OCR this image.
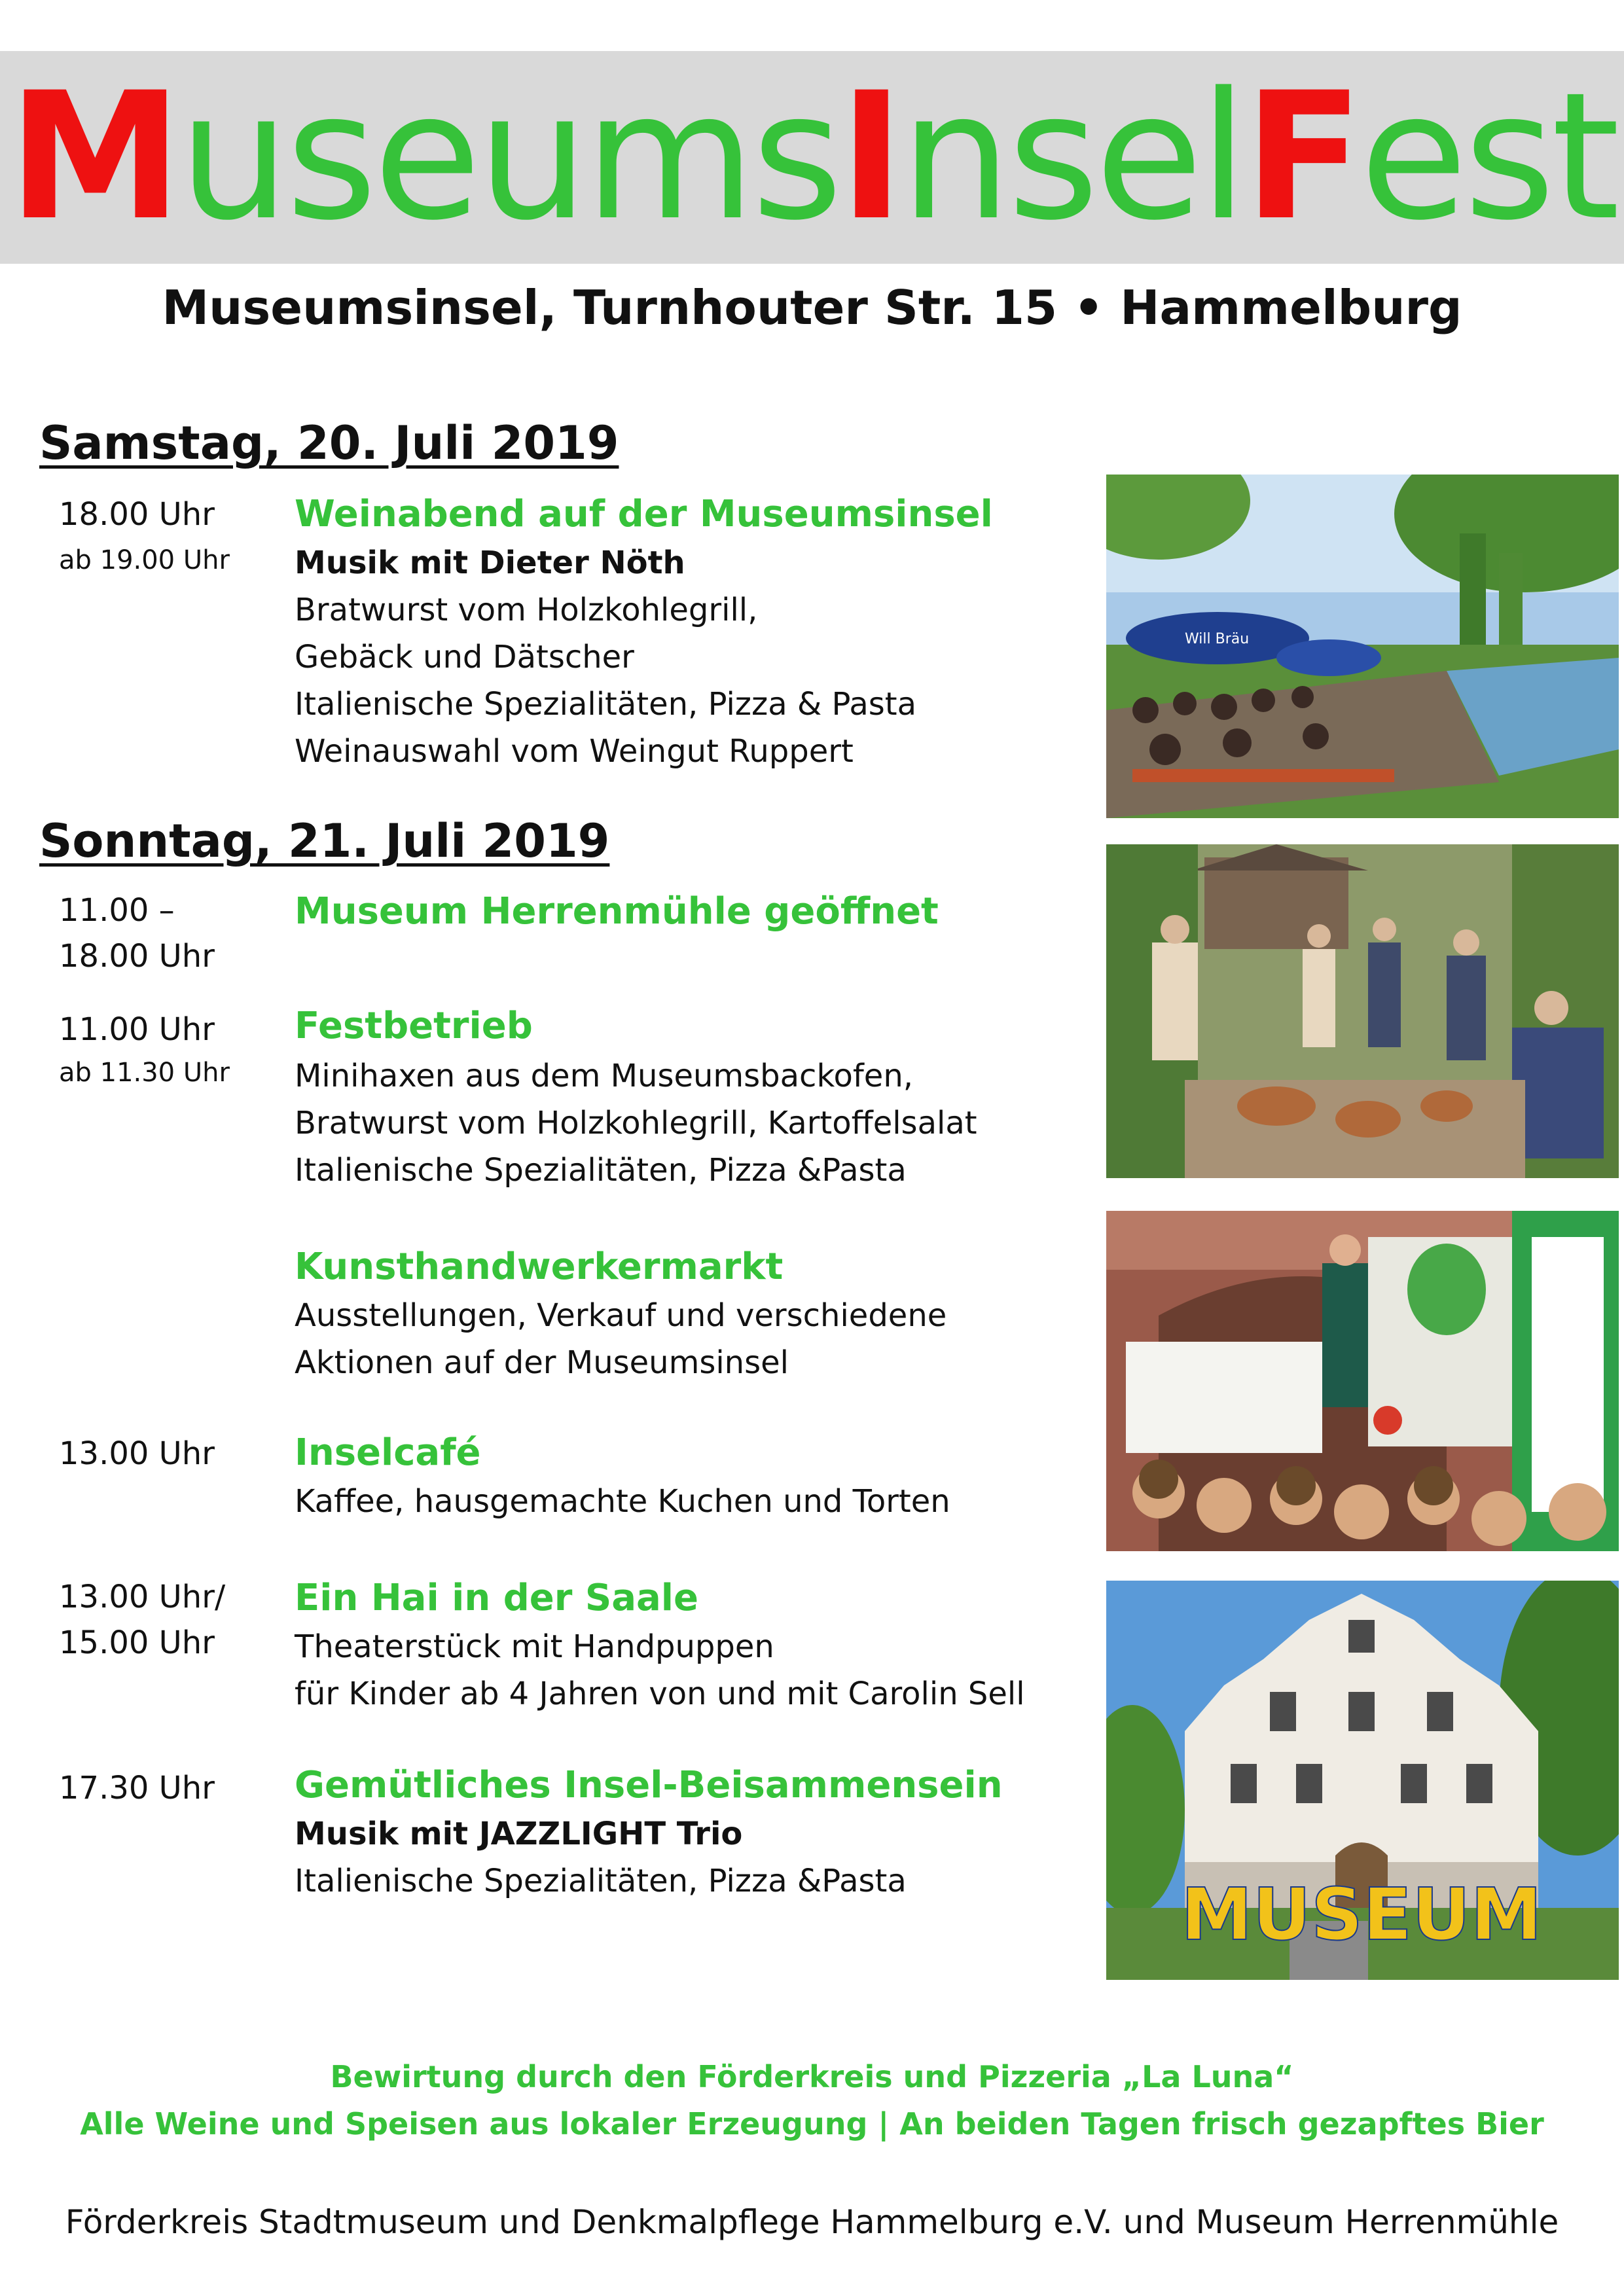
MuseumsInselFest
Museumsinsel, Turnhouter Str. 15 • Hammelburg
Samstag, 20. Juli 2019
18.00 Uhr
ab 19.00 Uhr
Weinabend auf der Museumsinsel
Musik mit Dieter Nöth
Bratwurst vom Holzkohlegrill,
Gebäck und Dätscher
Italienische Spezialitäten, Pizza & Pasta
Weinauswahl vom Weingut Ruppert
Sonntag, 21. Juli 2019
11.00 –
18.00 Uhr
Museum Herrenmühle geöffnet
11.00 Uhr
ab 11.30 Uhr
Festbetrieb
Minihaxen aus dem Museumsbackofen,
Bratwurst vom Holzkohlegrill, Kartoffelsalat
Italienische Spezialitäten, Pizza &Pasta
Kunsthandwerkermarkt
Ausstellungen, Verkauf und verschiedene
Aktionen auf der Museumsinsel
13.00 Uhr Inselcafé
Kaffee, hausgemachte Kuchen und Torten
13.00 Uhr/
15.00 Uhr
Ein Hai in der Saale
Theaterstück mit Handpuppen
für Kinder ab 4 Jahren von und mit Carolin Sell
17.30 Uhr Gemütliches Insel-Beisammensein
Musik mit JAZZLIGHT Trio
Italienische Spezialitäten, Pizza &Pasta
Will Bräu
MUSEUM
Bewirtung durch den Förderkreis und Pizzeria „La Luna“
Alle Weine und Speisen aus lokaler Erzeugung | An beiden Tagen frisch gezapftes Bier
Förderkreis Stadtmuseum und Denkmalpflege Hammelburg e.V. und Museum Herrenmühle
